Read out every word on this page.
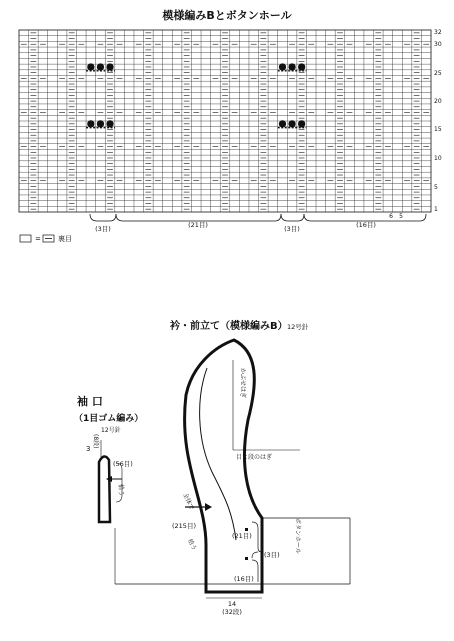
模様編みBとボタンホール
32
30
25
20
15
10
5
1
(3目)	(21目)	(3目)	(16目)
6 5
= 裏目
衿・前立て（模様編みB） 12号針
かぶせはぎ
目と段のはぎ
ボタンホール
全体で
(215目)
拾う
(21目)
(3目)
(16目)
14
(32段)
袖 口
（1目ゴム編み）
12号針
3
(8段)
(56目)
拾う
